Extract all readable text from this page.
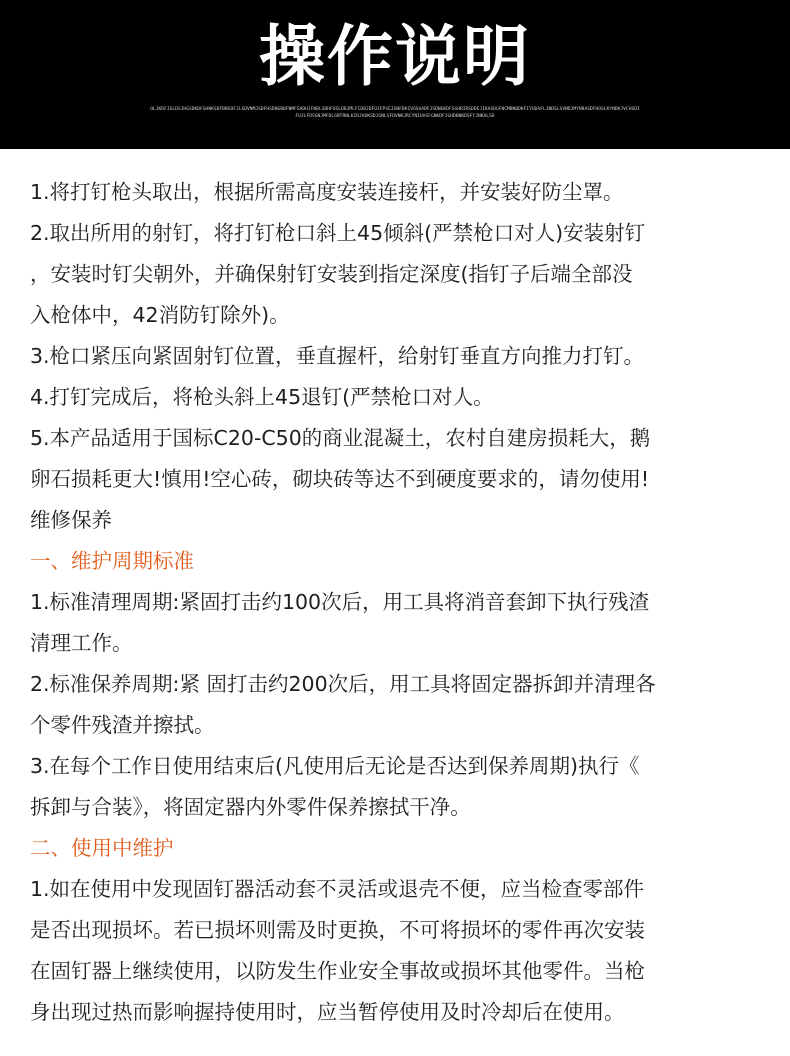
操作说明
OLJKDFJGLDSJHGSDKDFGHNKSDFBNSDFJLSDVNMJSDFHSDNGBDFNMFSADHJFNBLSDHFOSLDBJMLFCDBJDFOIFPSEJGNFDKIVOSUADFJSDNGKDFSGHRIRSDDEJIKASDGFNCMBNBDKFIYUDAFLJNDSLSVNDJMYNBASDFHOSLKYNDKJVCHSDIFUJLFDSGNJMFDLGNTRNLKIRJHOKSDJGNLSFDVNKJRCYNIUASFGNKDFJGHDBNKDSFYJNKALSD
1.将打钉枪头取出，根据所需高度安装连接杆，并安装好防尘罩。
2.取出所用的射钉，将打钉枪口斜上45倾斜(严禁枪口对人)安装射钉
，安装时钉尖朝外，并确保射钉安装到指定深度(指钉子后端全部没
入枪体中，42消防钉除外)。
3.枪口紧压向紧固射钉位置，垂直握杆，给射钉垂直方向推力打钉。
4.打钉完成后，将枪头斜上45退钉(严禁枪口对人。
5.本产品适用于国标C20-C50的商业混凝土，农村自建房损耗大，鹅
卵石损耗更大!慎用!空心砖，砌块砖等达不到硬度要求的，请勿使用!
维修保养
一、维护周期标准
1.标准清理周期:紧固打击约100次后，用工具将消音套卸下执行残渣
清理工作。
2.标准保养周期:紧 固打击约200次后，用工具将固定器拆卸并清理各
个零件残渣并擦拭。
3.在每个工作日使用结束后(凡使用后无论是否达到保养周期)执行《
拆卸与合装》，将固定器内外零件保养擦拭干净。
二、使用中维护
1.如在使用中发现固钉器活动套不灵活或退壳不便，应当检查零部件
是否出现损坏。若已损坏则需及时更换，不可将损坏的零件再次安装
在固钉器上继续使用，以防发生作业安全事故或损坏其他零件。当枪
身出现过热而影响握持使用时，应当暂停使用及时冷却后在使用。
